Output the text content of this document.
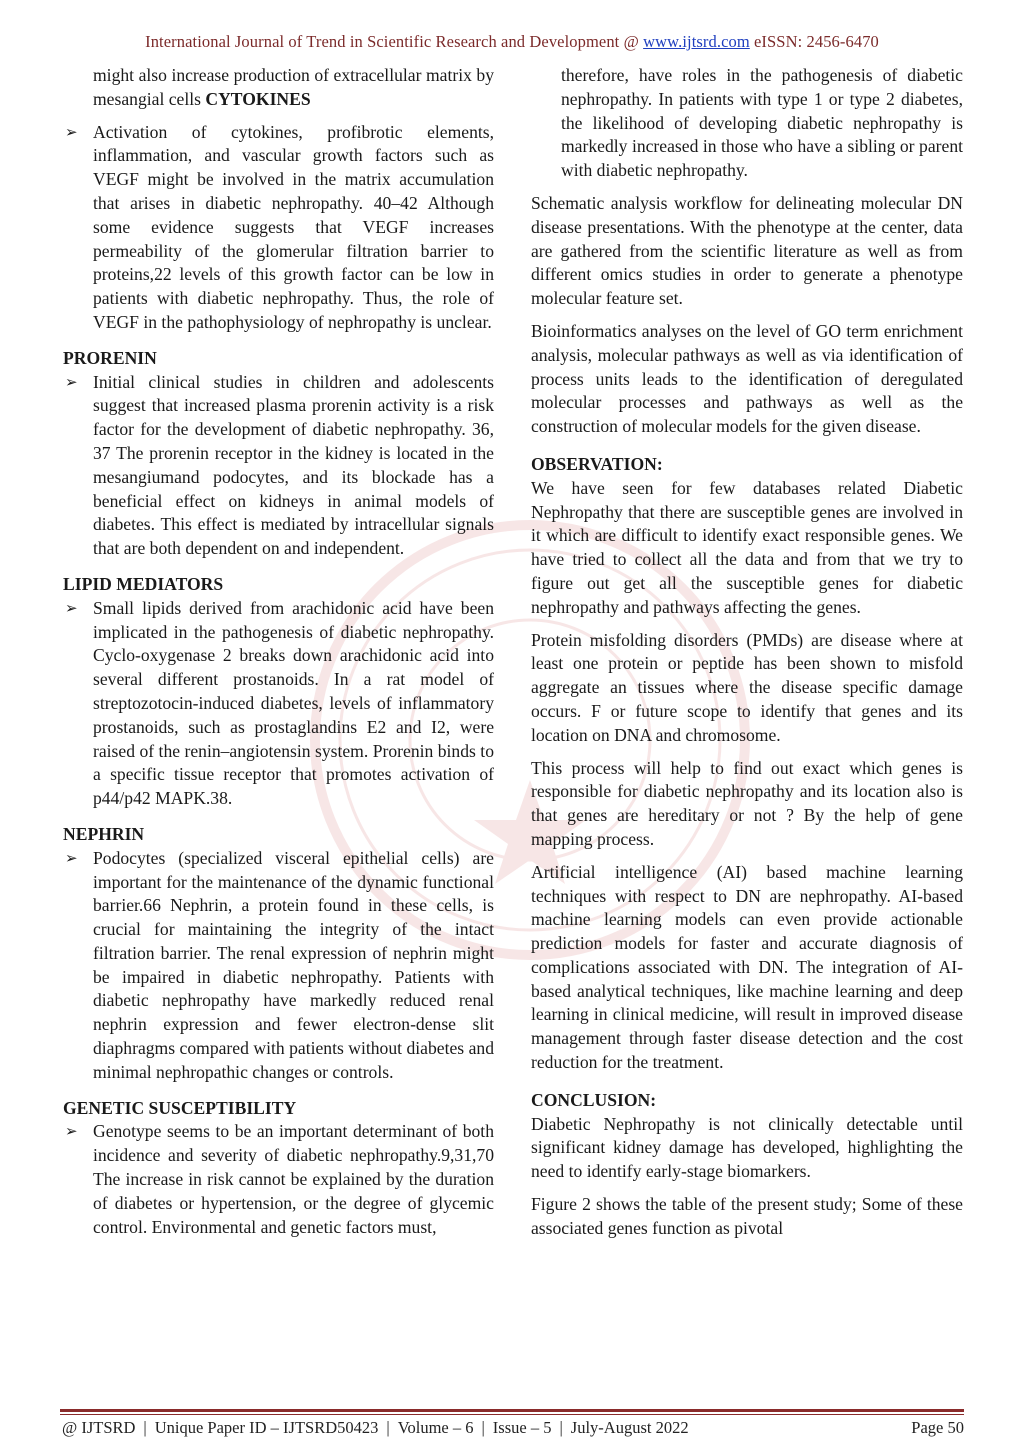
International Journal of Trend in Scientific Research and Development @ www.ijtsrd.com eISSN: 2456-6470

might also increase production of extracellular matrix by mesangial cells CYTOKINES

➢ Activation of cytokines, profibrotic elements, inflammation, and vascular growth factors such as VEGF might be involved in the matrix accumulation that arises in diabetic nephropathy. 40–42 Although some evidence suggests that VEGF increases permeability of the glomerular filtration barrier to proteins,22 levels of this growth factor can be low in patients with diabetic nephropathy. Thus, the role of VEGF in the pathophysiology of nephropathy is unclear.
PRORENIN
➢ Initial clinical studies in children and adolescents suggest that increased plasma prorenin activity is a risk factor for the development of diabetic nephropathy. 36, 37 The prorenin receptor in the kidney is located in the mesangiumand podocytes, and its blockade has a beneficial effect on kidneys in animal models of diabetes. This effect is mediated by intracellular signals that are both dependent on and independent.
LIPID MEDIATORS
➢ Small lipids derived from arachidonic acid have been implicated in the pathogenesis of diabetic nephropathy. Cyclo-oxygenase 2 breaks down arachidonic acid into several different prostanoids. In a rat model of streptozotocin-induced diabetes, levels of inflammatory prostanoids, such as prostaglandins E2 and I2, were raised of the renin–angiotensin system. Prorenin binds to a specific tissue receptor that promotes activation of p44/p42 MAPK.38.
NEPHRIN
➢ Podocytes (specialized visceral epithelial cells) are important for the maintenance of the dynamic functional barrier.66 Nephrin, a protein found in these cells, is crucial for maintaining the integrity of the intact filtration barrier. The renal expression of nephrin might be impaired in diabetic nephropathy. Patients with diabetic nephropathy have markedly reduced renal nephrin expression and fewer electron-dense slit diaphragms compared with patients without diabetes and minimal nephropathic changes or controls.
GENETIC SUSCEPTIBILITY
➢ Genotype seems to be an important determinant of both incidence and severity of diabetic nephropathy.9,31,70 The increase in risk cannot be explained by the duration of diabetes or hypertension, or the degree of glycemic control. Environmental and genetic factors must,

therefore, have roles in the pathogenesis of diabetic nephropathy. In patients with type 1 or type 2 diabetes, the likelihood of developing diabetic nephropathy is markedly increased in those who have a sibling or parent with diabetic nephropathy.

Schematic analysis workflow for delineating molecular DN disease presentations. With the phenotype at the center, data are gathered from the scientific literature as well as from different omics studies in order to generate a phenotype molecular feature set.

Bioinformatics analyses on the level of GO term enrichment analysis, molecular pathways as well as via identification of process units leads to the identification of deregulated molecular processes and pathways as well as the construction of molecular models for the given disease.

OBSERVATION:

We have seen for few databases related Diabetic Nephropathy that there are susceptible genes are involved in it which are difficult to identify exact responsible genes. We have tried to collect all the data and from that we try to figure out get all the susceptible genes for diabetic nephropathy and pathways affecting the genes.

Protein misfolding disorders (PMDs) are disease where at least one protein or peptide has been shown to misfold aggregate an tissues where the disease specific damage occurs. F or future scope to identify that genes and its location on DNA and chromosome.

This process will help to find out exact which genes is responsible for diabetic nephropathy and its location also is that genes are hereditary or not ? By the help of gene mapping process.

Artificial intelligence (AI) based machine learning techniques with respect to DN are nephropathy. AI-based machine learning models can even provide actionable prediction models for faster and accurate diagnosis of complications associated with DN. The integration of AI-based analytical techniques, like machine learning and deep learning in clinical medicine, will result in improved disease management through faster disease detection and the cost reduction for the treatment.

CONCLUSION:

Diabetic Nephropathy is not clinically detectable until significant kidney damage has developed, highlighting the need to identify early-stage biomarkers.

Figure 2 shows the table of the present study; Some of these associated genes function as pivotal

@ IJTSRD | Unique Paper ID – IJTSRD50423 | Volume – 6 | Issue – 5 | July-August 2022	Page 50
